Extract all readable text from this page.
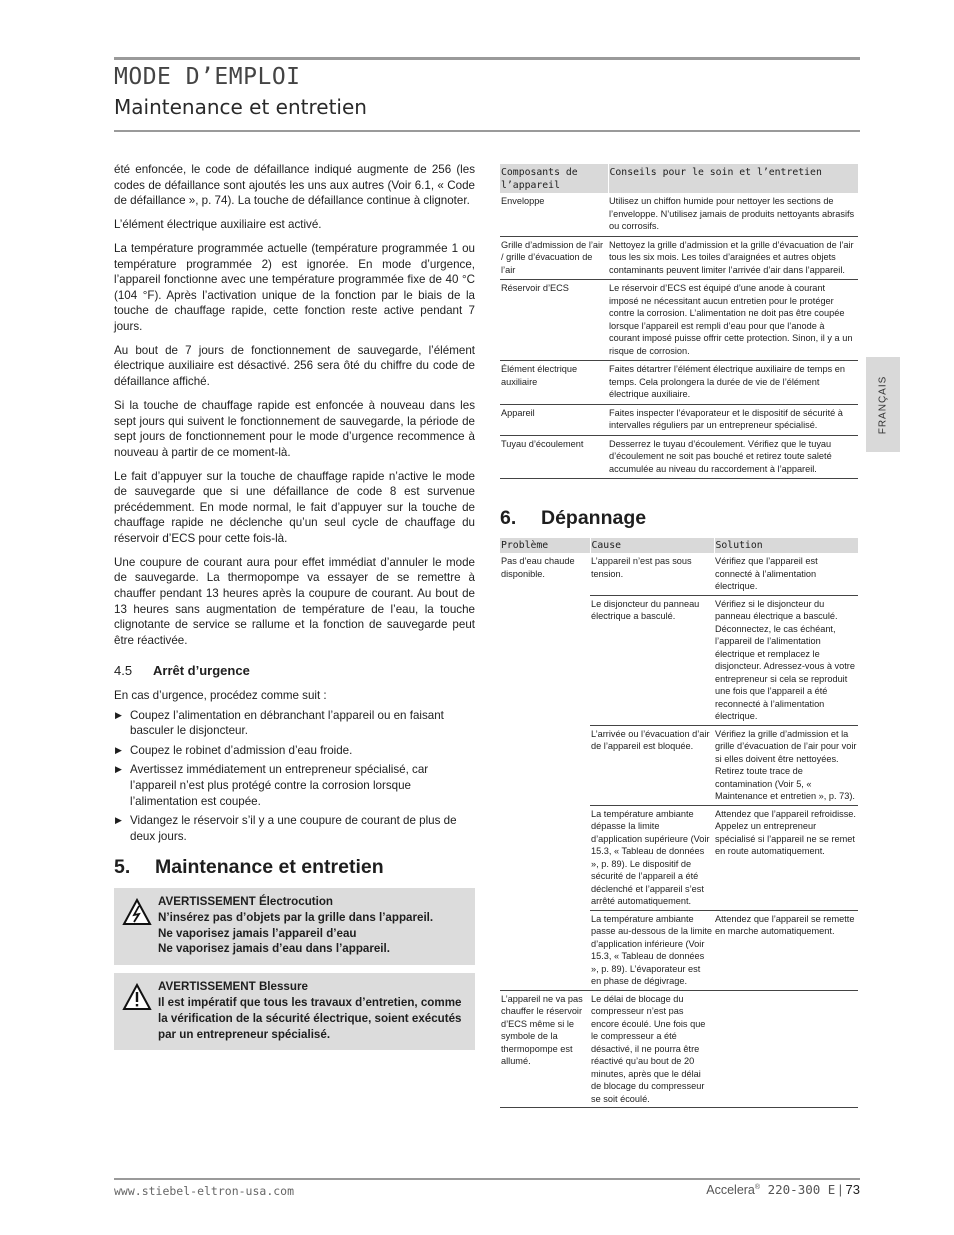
MODE D’EMPLOI
Maintenance et entretien
FRANÇAIS

été enfoncée, le code de défaillance indiqué augmente de 256 (les codes de défaillance sont ajoutés les uns aux autres (Voir 6.1, « Code de défaillance », p. 74). La touche de défaillance continue à clignoter.

L’élément électrique auxiliaire est activé.

La température programmée actuelle (température programmée 1 ou température programmée 2) est ignorée. En mode d’urgence, l’appareil fonctionne avec une température programmée fixe de 40 °C (104 °F). Après l’activation unique de la fonction par le biais de la touche de chauffage rapide, cette fonction reste active pendant 7 jours.

Au bout de 7 jours de fonctionnement de sauvegarde, l’élément électrique auxiliaire est désactivé. 256 sera ôté du chiffre du code de défaillance affiché.

Si la touche de chauffage rapide est enfoncée à nouveau dans les sept jours qui suivent le fonctionnement de sauvegarde, la période de sept jours de fonctionnement pour le mode d’urgence recommence à nouveau à partir de ce moment-là.

Le fait d’appuyer sur la touche de chauffage rapide n’active le mode de sauvegarde que si une défaillance de code 8 est survenue précédemment. En mode normal, le fait d’appuyer sur la touche de chauffage rapide ne déclenche qu’un seul cycle de chauffage du réservoir d’ECS pour cette fois-là.

Une coupure de courant aura pour effet immédiat d’annuler le mode de sauvegarde. La thermopompe va essayer de se remettre à chauffer pendant 13 heures après la coupure de courant. Au bout de 13 heures sans augmentation de température de l’eau, la touche clignotante de service se rallume et la fonction de sauvegarde peut être réactivée.

4.5 Arrêt d’urgence

En cas d’urgence, procédez comme suit :

▶ Coupez l’alimentation en débranchant l’appareil ou en faisant basculer le disjoncteur.
▶ Coupez le robinet d’admission d’eau froide.
▶ Avertissez immédiatement un entrepreneur spécialisé, car l’appareil n’est plus protégé contre la corrosion lorsque l’alimentation est coupée.
▶ Vidangez le réservoir s’il y a une coupure de courant de plus de deux jours.
5. Maintenance et entretien
AVERTISSEMENT Électrocution
N’insérez pas d’objets par la grille dans l’appareil.
Ne vaporisez jamais l’appareil d’eau
Ne vaporisez jamais d’eau dans l’appareil.
AVERTISSEMENT Blessure
Il est impératif que tous les travaux d’entretien, comme la vérification de la sécurité électrique, soient exécutés par un entrepreneur spécialisé.
Composants de l’appareil	Conseils pour le soin et l’entretien
Enveloppe	Utilisez un chiffon humide pour nettoyer les sections de l’enveloppe. N’utilisez jamais de produits nettoyants abrasifs ou corrosifs.
Grille d’admission de l’air / grille d’évacuation de l’air	Nettoyez la grille d’admission et la grille d’évacuation de l’air tous les six mois. Les toiles d’araignées et autres objets contaminants peuvent limiter l’arrivée d’air dans l’appareil.
Réservoir d’ECS	Le réservoir d’ECS est équipé d’une anode à courant imposé ne nécessitant aucun entretien pour le protéger contre la corrosion. L’alimentation ne doit pas être coupée lorsque l’appareil est rempli d’eau pour que l’anode à courant imposé puisse offrir cette protection. Sinon, il y a un risque de corrosion.
Élément électrique auxiliaire	Faites détartrer l’élément électrique auxiliaire de temps en temps. Cela prolongera la durée de vie de l’élément électrique auxiliaire.
Appareil	Faites inspecter l’évaporateur et le dispositif de sécurité à intervalles réguliers par un entrepreneur spécialisé.
Tuyau d’écoulement	Desserrez le tuyau d’écoulement. Vérifiez que le tuyau d’écoulement ne soit pas bouché et retirez toute saleté accumulée au niveau du raccordement à l’appareil.
6. Dépannage
Problème	Cause	Solution
Pas d’eau chaude disponible.	L’appareil n’est pas sous tension.	Vérifiez que l’appareil est connecté à l’alimentation électrique.
	Le disjoncteur du panneau électrique a basculé.	Vérifiez si le disjoncteur du panneau électrique a basculé. Déconnectez, le cas échéant, l’appareil de l’alimentation électrique et remplacez le disjoncteur. Adressez-vous à votre entrepreneur si cela se reproduit une fois que l’appareil a été reconnecté à l’alimentation électrique.
	L’arrivée ou l’évacuation d’air de l’appareil est bloquée.	Vérifiez la grille d’admission et la grille d’évacuation de l’air pour voir si elles doivent être nettoyées. Retirez toute trace de contamination (Voir 5, « Maintenance et entretien », p. 73).
	La température ambiante dépasse la limite d’application supérieure (Voir 15.3, « Tableau de données », p. 89). Le dispositif de sécurité de l’appareil a été déclenché et l’appareil s’est arrêté automatiquement.	Attendez que l’appareil refroidisse. Appelez un entrepreneur spécialisé si l’appareil ne se remet en route automatiquement.
	La température ambiante passe au-dessous de la limite d’application inférieure (Voir 15.3, « Tableau de données », p. 89). L’évaporateur est en phase de dégivrage.	Attendez que l’appareil se remette en marche automatiquement.
L’appareil ne va pas chauffer le réservoir d’ECS même si le symbole de la thermopompe est allumé.	Le délai de blocage du compresseur n’est pas encore écoulé. Une fois que le compresseur a été désactivé, il ne pourra être réactivé qu’au bout de 20 minutes, après que le délai de blocage du compresseur se soit écoulé.	
www.stiebel-eltron-usa.com	Accelera® 220-300 E | 73
